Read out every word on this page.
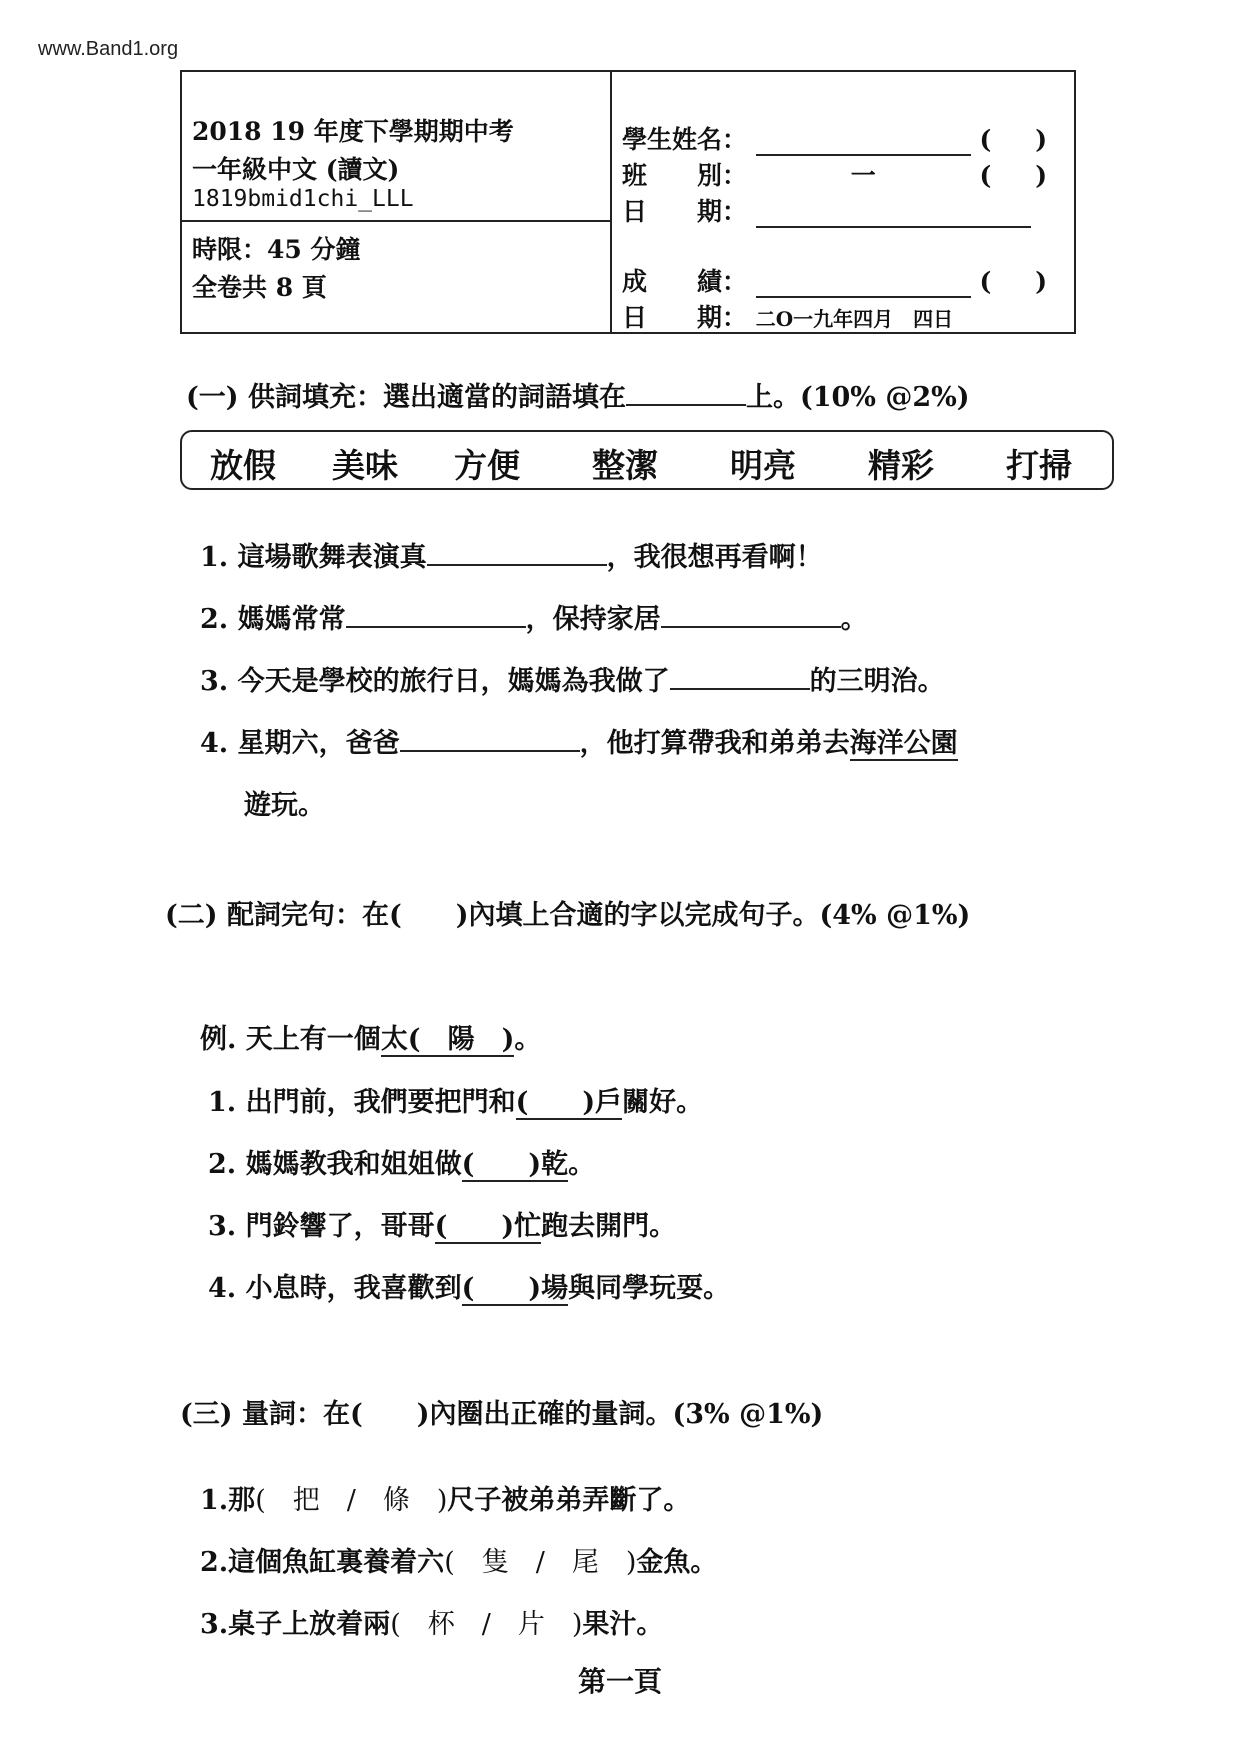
www.Band1.org
2018 19 年度下學期期中考
一年級中文 (讀文)
1819bmid1chi_LLL
時限：45 分鐘
全卷共 8 頁
學生姓名：	( )
班　　別：	一	( )
日　　期：
成　　績：	( )
日　　期： 二O一九年四月　四日
(一) 供詞填充：選出適當的詞語填在	上。(10% @2%)
放假 美味 方便 整潔 明亮 精彩 打掃
1. 這場歌舞表演真	，我很想再看啊！
2. 媽媽常常	，保持家居	。
3. 今天是學校的旅行日，媽媽為我做了	的三明治。
4. 星期六，爸爸	，他打算帶我和弟弟去海洋公園
遊玩。
(二) 配詞完句：在(　　)內填上合適的字以完成句子。(4% @1%)
例. 天上有一個太(　陽　)。
1. 出門前，我們要把門和(　　)戶關好。
2. 媽媽教我和姐姐做(　　)乾。
3. 門鈴響了，哥哥(　　)忙跑去開門。
4. 小息時，我喜歡到(　　)場與同學玩耍。
(三) 量詞：在(　　)內圈出正確的量詞。(3% @1%)
1.那(　把　/　條　)尺子被弟弟弄斷了。
2.這個魚缸裏養着六(　隻　/　尾　)金魚。
3.桌子上放着兩(　杯　/　片　)果汁。
第一頁
